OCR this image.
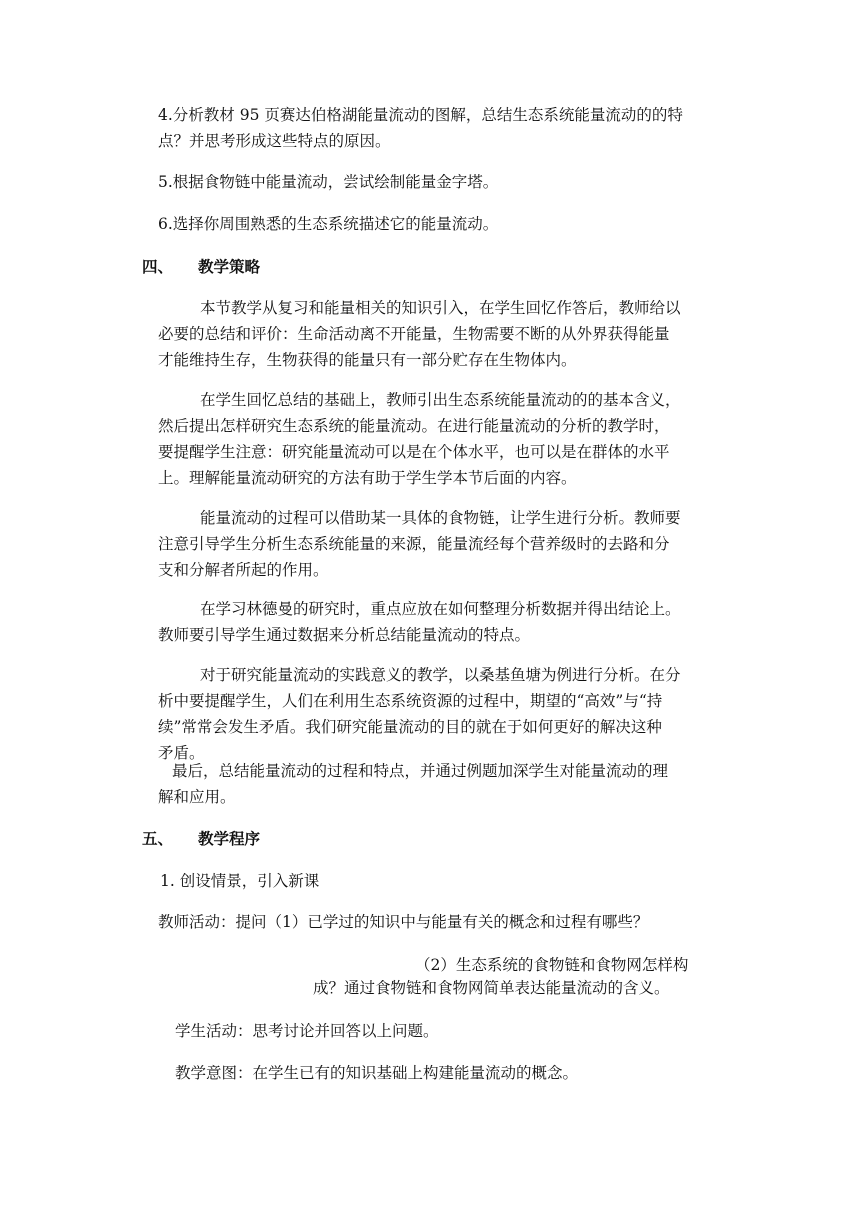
4.分析教材 95 页赛达伯格湖能量流动的图解，总结生态系统能量流动的的特
点？并思考形成这些特点的原因。
5.根据食物链中能量流动，尝试绘制能量金字塔。
6.选择你周围熟悉的生态系统描述它的能量流动。
四、 教学策略
本节教学从复习和能量相关的知识引入，在学生回忆作答后，教师给以
必要的总结和评价：生命活动离不开能量，生物需要不断的从外界获得能量
才能维持生存，生物获得的能量只有一部分贮存在生物体内。
在学生回忆总结的基础上，教师引出生态系统能量流动的的基本含义，
然后提出怎样研究生态系统的能量流动。在进行能量流动的分析的教学时，
要提醒学生注意：研究能量流动可以是在个体水平，也可以是在群体的水平
上。理解能量流动研究的方法有助于学生学本节后面的内容。
能量流动的过程可以借助某一具体的食物链，让学生进行分析。教师要
注意引导学生分析生态系统能量的来源，能量流经每个营养级时的去路和分
支和分解者所起的作用。
在学习林德曼的研究时，重点应放在如何整理分析数据并得出结论上。
教师要引导学生通过数据来分析总结能量流动的特点。
对于研究能量流动的实践意义的教学，以桑基鱼塘为例进行分析。在分
析中要提醒学生，人们在利用生态系统资源的过程中，期望的“高效”与“持
续”常常会发生矛盾。我们研究能量流动的目的就在于如何更好的解决这种
矛盾。
最后，总结能量流动的过程和特点，并通过例题加深学生对能量流动的理
解和应用。
五、 教学程序
1. 创设情景，引入新课
教师活动：提问（1）已学过的知识中与能量有关的概念和过程有哪些？
（2）生态系统的食物链和食物网怎样构
成？通过食物链和食物网简单表达能量流动的含义。
学生活动：思考讨论并回答以上问题。
教学意图：在学生已有的知识基础上构建能量流动的概念。
